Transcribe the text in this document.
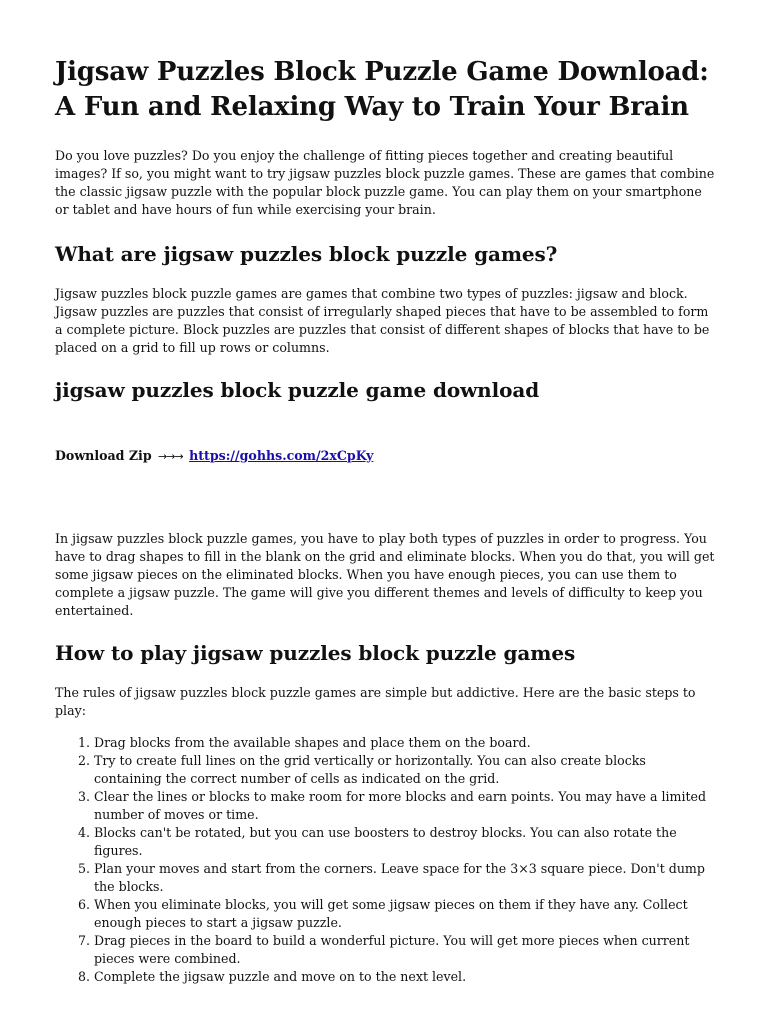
Jigsaw Puzzles Block Puzzle Game Download: A Fun and Relaxing Way to Train Your Brain

Do you love puzzles? Do you enjoy the challenge of fitting pieces together and creating beautiful images? If so, you might want to try jigsaw puzzles block puzzle games. These are games that combine the classic jigsaw puzzle with the popular block puzzle game. You can play them on your smartphone or tablet and have hours of fun while exercising your brain.

What are jigsaw puzzles block puzzle games?

Jigsaw puzzles block puzzle games are games that combine two types of puzzles: jigsaw and block. Jigsaw puzzles are puzzles that consist of irregularly shaped pieces that have to be assembled to form a complete picture. Block puzzles are puzzles that consist of different shapes of blocks that have to be placed on a grid to fill up rows or columns.

jigsaw puzzles block puzzle game download
Download Zip →→→ https://gohhs.com/2xCpKy

In jigsaw puzzles block puzzle games, you have to play both types of puzzles in order to progress. You have to drag shapes to fill in the blank on the grid and eliminate blocks. When you do that, you will get some jigsaw pieces on the eliminated blocks. When you have enough pieces, you can use them to complete a jigsaw puzzle. The game will give you different themes and levels of difficulty to keep you entertained.

How to play jigsaw puzzles block puzzle games

The rules of jigsaw puzzles block puzzle games are simple but addictive. Here are the basic steps to play:

1. Drag blocks from the available shapes and place them on the board.
2. Try to create full lines on the grid vertically or horizontally. You can also create blocks containing the correct number of cells as indicated on the grid.
3. Clear the lines or blocks to make room for more blocks and earn points. You may have a limited number of moves or time.
4. Blocks can't be rotated, but you can use boosters to destroy blocks. You can also rotate the figures.
5. Plan your moves and start from the corners. Leave space for the 3×3 square piece. Don't dump the blocks.
6. When you eliminate blocks, you will get some jigsaw pieces on them if they have any. Collect enough pieces to start a jigsaw puzzle.
7. Drag pieces in the board to build a wonderful picture. You will get more pieces when current pieces were combined.
8. Complete the jigsaw puzzle and move on to the next level.
